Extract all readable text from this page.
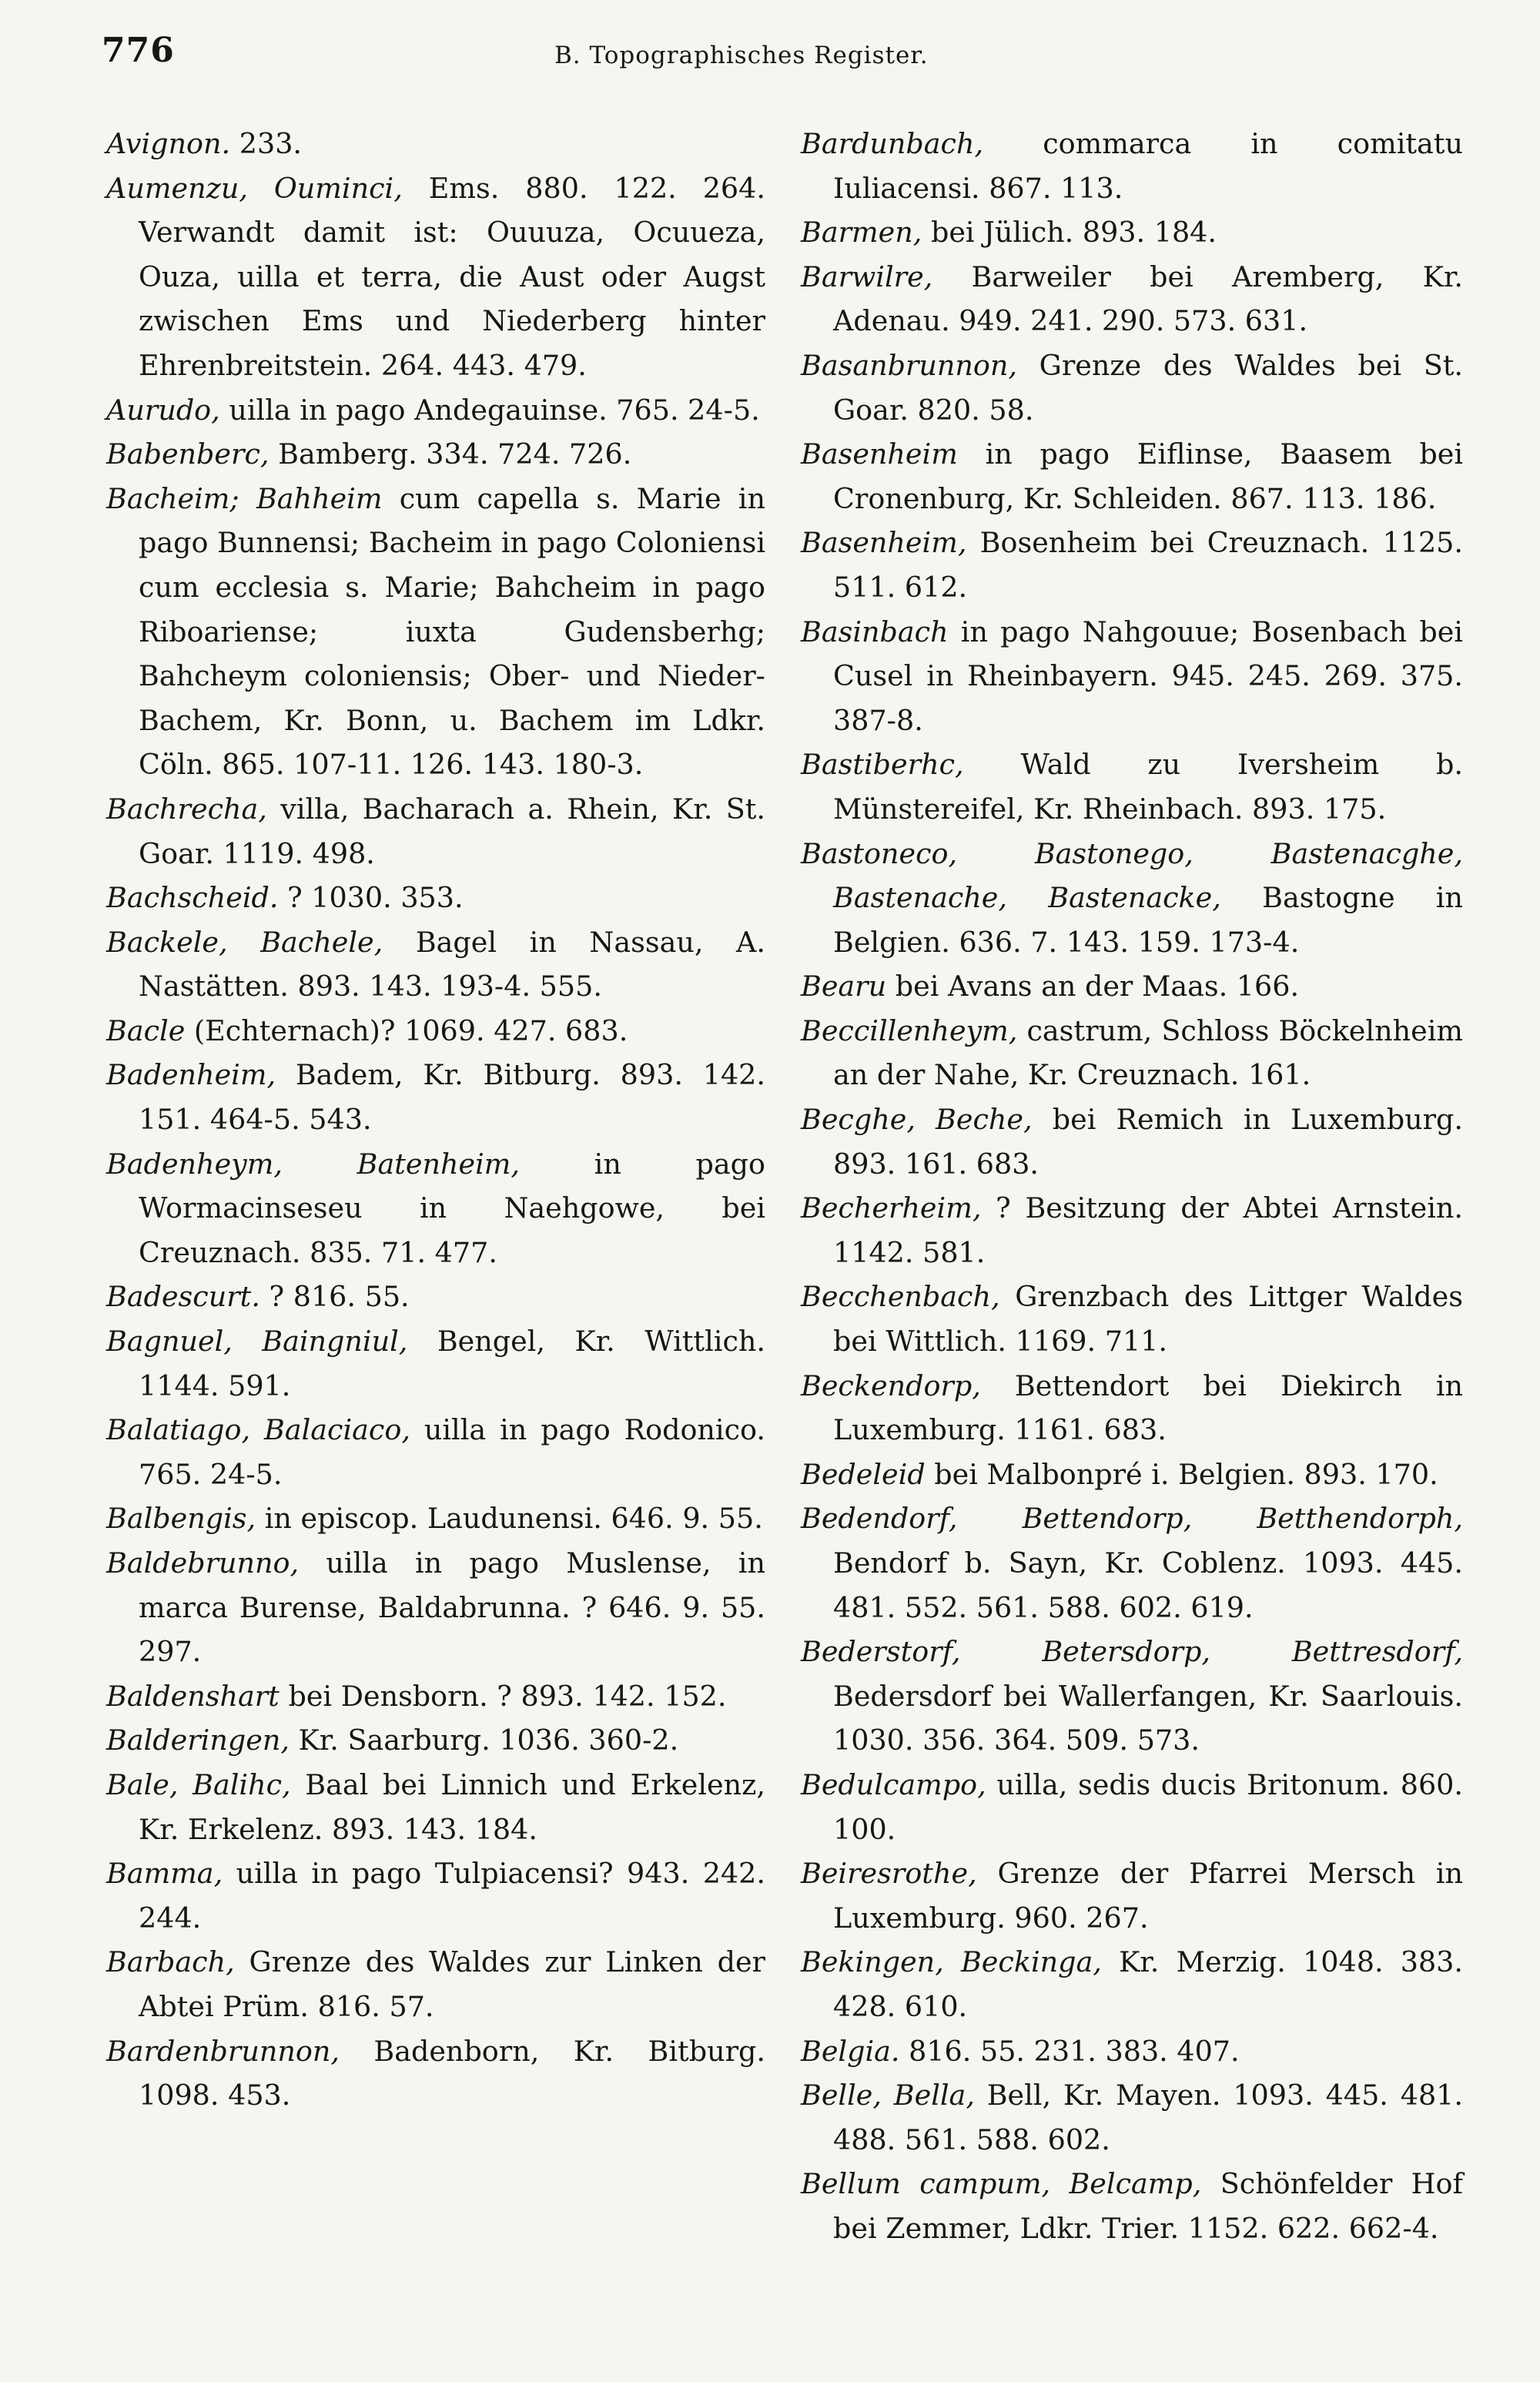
776	B. Topographisches Register.

Avignon. 233.

Aumenzu, Ouminci, Ems. 880. 122. 264. Verwandt damit ist: Ouuuza, Ocuueza, Ouza, uilla et terra, die Aust oder Augst zwischen Ems und Niederberg hinter Ehrenbreitstein. 264. 443. 479.

Aurudo, uilla in pago Andegauinse. 765. 24-5.

Babenberc, Bamberg. 334. 724. 726.

Bacheim; Bahheim cum capella s. Marie in pago Bunnensi; Bacheim in pago Coloniensi cum ecclesia s. Marie; Bahcheim in pago Riboariense; iuxta Gudensberhg; Bahcheym coloniensis; Ober- und Nieder-Bachem, Kr. Bonn, u. Bachem im Ldkr. Cöln. 865. 107-11. 126. 143. 180-3.

Bachrecha, villa, Bacharach a. Rhein, Kr. St. Goar. 1119. 498.

Bachscheid. ? 1030. 353.

Backele, Bachele, Bagel in Nassau, A. Nastätten. 893. 143. 193-4. 555.

Bacle (Echternach)? 1069. 427. 683.

Badenheim, Badem, Kr. Bitburg. 893. 142. 151. 464-5. 543.

Badenheym, Batenheim, in pago Wormacinseseu in Naehgowe, bei Creuznach. 835. 71. 477.

Badescurt. ? 816. 55.

Bagnuel, Baingniul, Bengel, Kr. Wittlich. 1144. 591.

Balatiago, Balaciaco, uilla in pago Rodonico. 765. 24-5.

Balbengis, in episcop. Laudunensi. 646. 9. 55.

Baldebrunno, uilla in pago Muslense, in marca Burense, Baldabrunna. ? 646. 9. 55. 297.

Baldenshart bei Densborn. ? 893. 142. 152.

Balderingen, Kr. Saarburg. 1036. 360-2.

Bale, Balihc, Baal bei Linnich und Erkelenz, Kr. Erkelenz. 893. 143. 184.

Bamma, uilla in pago Tulpiacensi? 943. 242. 244.

Barbach, Grenze des Waldes zur Linken der Abtei Prüm. 816. 57.

Bardenbrunnon, Badenborn, Kr. Bitburg. 1098. 453.

Bardunbach, commarca in comitatu Iuliacensi. 867. 113.

Barmen, bei Jülich. 893. 184.

Barwilre, Barweiler bei Aremberg, Kr. Adenau. 949. 241. 290. 573. 631.

Basanbrunnon, Grenze des Waldes bei St. Goar. 820. 58.

Basenheim in pago Eiflinse, Baasem bei Cronenburg, Kr. Schleiden. 867. 113. 186.

Basenheim, Bosenheim bei Creuznach. 1125. 511. 612.

Basinbach in pago Nahgouue; Bosenbach bei Cusel in Rheinbayern. 945. 245. 269. 375. 387-8.

Bastiberhc, Wald zu Iversheim b. Münstereifel, Kr. Rheinbach. 893. 175.

Bastoneco, Bastonego, Bastenacghe, Bastenache, Bastenacke, Bastogne in Belgien. 636. 7. 143. 159. 173-4.

Bearu bei Avans an der Maas. 166.

Beccillenheym, castrum, Schloss Böckelnheim an der Nahe, Kr. Creuznach. 161.

Becghe, Beche, bei Remich in Luxemburg. 893. 161. 683.

Becherheim, ? Besitzung der Abtei Arnstein. 1142. 581.

Becchenbach, Grenzbach des Littger Waldes bei Wittlich. 1169. 711.

Beckendorp, Bettendort bei Diekirch in Luxemburg. 1161. 683.

Bedeleid bei Malbonpré i. Belgien. 893. 170.

Bedendorf, Bettendorp, Betthendorph, Bendorf b. Sayn, Kr. Coblenz. 1093. 445. 481. 552. 561. 588. 602. 619.

Bederstorf, Betersdorp, Bettresdorf, Bedersdorf bei Wallerfangen, Kr. Saarlouis. 1030. 356. 364. 509. 573.

Bedulcampo, uilla, sedis ducis Britonum. 860. 100.

Beiresrothe, Grenze der Pfarrei Mersch in Luxemburg. 960. 267.

Bekingen, Beckinga, Kr. Merzig. 1048. 383. 428. 610.

Belgia. 816. 55. 231. 383. 407.

Belle, Bella, Bell, Kr. Mayen. 1093. 445. 481. 488. 561. 588. 602.

Bellum campum, Belcamp, Schönfelder Hof bei Zemmer, Ldkr. Trier. 1152. 622. 662-4.
